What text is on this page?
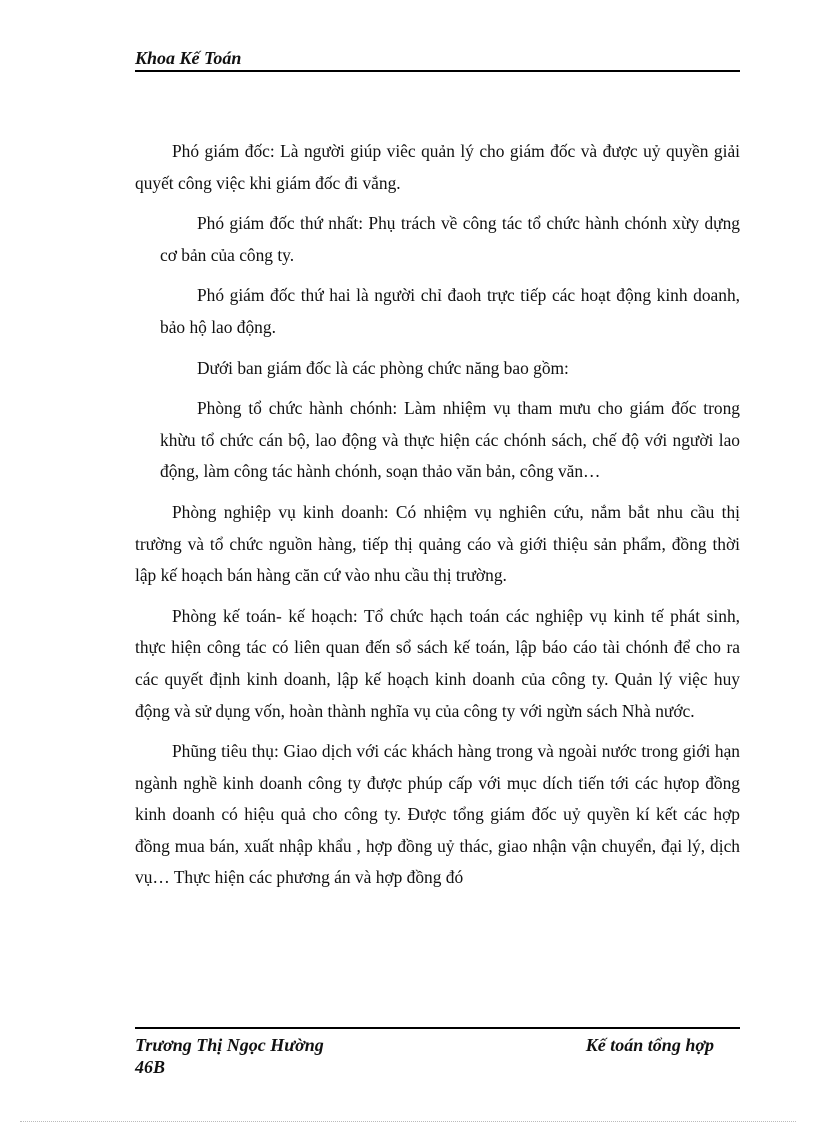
Khoa Kế Toán

Phó giám đốc: Là người giúp viêc quản lý cho giám đốc và được uỷ quyền giải quyết công việc khi giám đốc đi vắng.

Phó giám đốc thứ nhất: Phụ trách về công tác tổ chức hành chónh xừy dựng cơ bản của công ty.

Phó giám đốc thứ hai là người chỉ đaoh trực tiếp các hoạt động kinh doanh, bảo hộ lao động.

Dưới ban giám đốc là các phòng chức năng bao gồm:

Phòng tổ chức hành chónh: Làm nhiệm vụ tham mưu cho giám đốc trong khừu tổ chức cán bộ, lao động và thực hiện các chónh sách, chế độ với người lao động, làm công tác hành chónh, soạn thảo văn bản, công văn…

Phòng nghiệp vụ kinh doanh: Có nhiệm vụ nghiên cứu, nắm bắt nhu cầu thị trường và tổ chức nguồn hàng, tiếp thị quảng cáo và giới thiệu sản phẩm, đồng thời lập kế hoạch bán hàng căn cứ vào nhu cầu thị trường.

Phòng kế toán- kế hoạch: Tổ chức hạch toán các nghiệp vụ kinh tế phát sinh, thực hiện công tác có liên quan đến sổ sách kế toán, lập báo cáo tài chónh để cho ra các quyết định kinh doanh, lập kế hoạch kinh doanh của công ty. Quản lý việc huy động và sử dụng vốn, hoàn thành nghĩa vụ của công ty với ngừn sách Nhà nước.

Phũng tiêu thụ: Giao dịch với các khách hàng trong và ngoài nước trong giới hạn ngành nghề kinh doanh công ty được phúp cấp với mục dích tiến tới các hựop đồng kinh doanh có hiệu quả cho công ty. Được tổng giám đốc uỷ quyền kí kết các hợp đồng mua bán, xuất nhập khẩu , hợp đồng uỷ thác, giao nhận vận chuyển, đại lý, dịch vụ… Thực hiện các phương án và hợp đồng đó

Trương Thị Ngọc Hường	Kế toán tổng hợp
46B
